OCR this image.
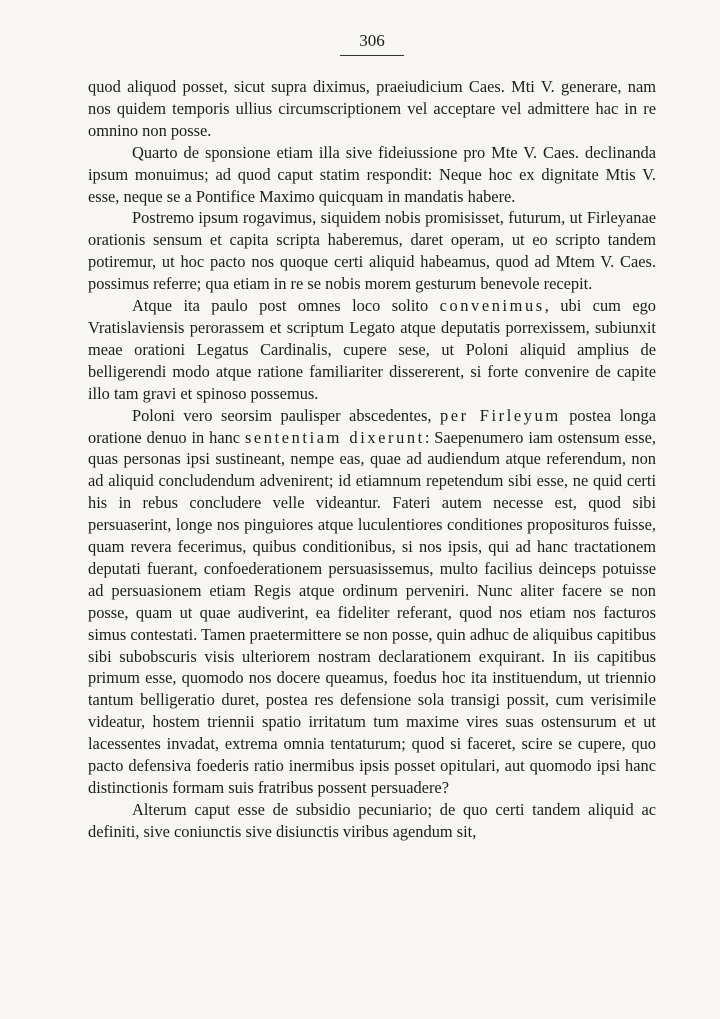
306

quod aliquod posset, sicut supra diximus, praeiudicium Caes. Mti V. generare, nam nos quidem temporis ullius circumscriptionem vel acceptare vel admittere hac in re omnino non posse.

Quarto de sponsione etiam illa sive fideiussione pro Mte V. Caes. declinanda ipsum monuimus; ad quod caput statim respondit: Neque hoc ex dignitate Mtis V. esse, neque se a Pontifice Maximo quicquam in mandatis habere.

Postremo ipsum rogavimus, siquidem nobis promisisset, futurum, ut Firleyanae orationis sensum et capita scripta haberemus, daret operam, ut eo scripto tandem potiremur, ut hoc pacto nos quoque certi aliquid habeamus, quod ad Mtem V. Caes. possimus referre; qua etiam in re se nobis morem gesturum benevole recepit.

Atque ita paulo post omnes loco solito convenimus, ubi cum ego Vratislaviensis perorassem et scriptum Legato atque deputatis porrexissem, subiunxit meae orationi Legatus Cardinalis, cupere sese, ut Poloni aliquid amplius de belligerendi modo atque ratione familiariter dissererent, si forte convenire de capite illo tam gravi et spinoso possemus.

Poloni vero seorsim paulisper abscedentes, per Firleyum postea longa oratione denuo in hanc sententiam dixerunt: Saepenumero iam ostensum esse, quas personas ipsi sustineant, nempe eas, quae ad audiendum atque referendum, non ad aliquid concludendum advenirent; id etiamnum repetendum sibi esse, ne quid certi his in rebus concludere velle videantur. Fateri autem necesse est, quod sibi persuaserint, longe nos pinguiores atque luculentiores conditiones proposituros fuisse, quam revera fecerimus, quibus conditionibus, si nos ipsis, qui ad hanc tractationem deputati fuerant, confoederationem persuasissemus, multo facilius deinceps potuisse ad persuasionem etiam Regis atque ordinum perveniri. Nunc aliter facere se non posse, quam ut quae audiverint, ea fideliter referant, quod nos etiam nos facturos simus contestati. Tamen praetermittere se non posse, quin adhuc de aliquibus capitibus sibi subobscuris visis ulteriorem nostram declarationem exquirant. In iis capitibus primum esse, quomodo nos docere queamus, foedus hoc ita instituendum, ut triennio tantum belligeratio duret, postea res defensione sola transigi possit, cum verisimile videatur, hostem triennii spatio irritatum tum maxime vires suas ostensurum et ut lacessentes invadat, extrema omnia tentaturum; quod si faceret, scire se cupere, quo pacto defensiva foederis ratio inermibus ipsis posset opitulari, aut quomodo ipsi hanc distinctionis formam suis fratribus possent persuadere?

Alterum caput esse de subsidio pecuniario; de quo certi tandem aliquid ac definiti, sive coniunctis sive disiunctis viribus agendum sit,
